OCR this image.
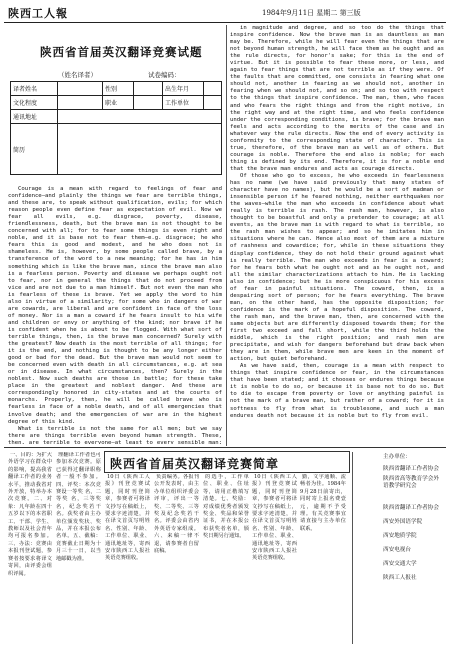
陕西工人報	1984年9月11日 星期二 第三版
陕西省首届英汉翻译竞赛试题
（姓名译者）	试卷编码：
译者姓名		性别		出生年月	
文化程度		职业		工作单位	
通讯地址					
简历					

Courage is a mean with regard to feelings of fear and confidence—and plainly the things we fear are terrible things, and these are, to speak without qualification, evils; for which reason people even define fear as expectation of evil. Now we fear all evils, e.g. disgrace, poverty, disease, friendlessness, death, but the brave man is not thought to be concerned with all; for to fear some things is even right and noble, and it is base not to fear them—e.g. disgrace; he who fears this is good and modest, and he who does not is shameless. He is, however, by some people called brave, by a transference of the word to a new meaning; for he has in him something which is like the brave man, since the brave man also is a fearless person. Poverty and disease we perhaps ought not to fear, nor in general the things that do not proceed from vice and are not due to a man himself. But not even the man who is fearless of these is brave. Yet we apply the word to him also in virtue of a similarity; for some who in dangers of war are cowards, are liberal and are confident in face of the loss of money. Nor is a man a coward if he fears insult to his wife and children or envy or anything of the kind; nor brave if he is confident when he is about to be flogged. With what sort of terrible things, then, is the brave man concerned? Surely with the greatest? Now death is the most terrible of all things; for it is the end, and nothing is thought to be any longer either good or bad for the dead. But the brave man would not seem to be concerned even with death in all circumstances, e.g. at sea or in disease. In what circumstances, then? Surely in the noblest. Now such deaths are those in battle; for these take place in the greatest and noblest danger. And these are correspondingly honored in city-states and at the courts of monarchs. Properly, then, he will be called brave who is fearless in face of a noble death, and of all emergencies that involve death; and the emergencies of war are in the highest degree of this kind.

What is terrible is not the same for all men; but we say there are things terrible even beyond human strength. These, then, are terrible to everyone—at least to every sensible man;

in magnitude and degree, and so too do the things that inspire confidence. Now the brave man is as dauntless as man may be. Therefore, while he will fear even the things that are not beyond human strength, he will face them as he ought and as the rule directs, for honor's sake; for this is the end of virtue. But it is possible to fear these more, or less, and again to fear things that are not terrible as if they were. Of the faults that are committed, one consists in fearing what one should not, another in fearing as we should not, another in fearing when we should not, and so on; and so too with respect to the things that inspire confidence. The man, then, who faces and who fears the right things and from the right motive, in the right way and at the right time, and who feels confidence under the corresponding conditions, is brave; for the brave man feels and acts according to the merits of the case and in whatever way the rule directs. Now the end of every activity is conformity to the corresponding state of character. This is true, therefore, of the brave man as well as of others. But courage is noble. Therefore the end also is noble; for each thing is defined by its end. Therefore, it is for a noble end that the brave man endures and acts as courage directs.

Of those who go to excess, he who exceeds in fearlessness has no name (we have said previously that many states of character have no names), but he would be a sort of madman or insensible person if he feared nothing, neither earthquakes nor the waves—while the man who exceeds in confidence about what really is terrible is rash. The rash man, however, is also thought to be boastful and only a pretender to courage; at all events, as the brave man is with regard to what is terrible, so the rash man wishes to appear; and so he imitates him in situations where he can. Hence also most of them are a mixture of rashness and cowardice; for, while in these situations they display confidence, they do not hold their ground against what is really terrible. The man who exceeds in fear is a coward; for he fears both what he ought not and as he ought not, and all the similar characterizations attach to him. He is lacking also in confidence; but he is more conspicuous for his excess of fear in painful situations. The coward, then, is a despairing sort of person; for he fears everything. The brave man, on the other hand, has the opposite disposition; for confidence is the mark of a hopeful disposition. The coward, the rash man, and the brave man, then, are concerned with the same objects but are differently disposed towards them; for the first two exceed and fall short, while the third holds the middle, which is the right position; and rash men are precipitate, and wish for dangers beforehand but draw back when they are in them, while brave men are keen in the moment of action, but quiet beforehand.

As we have said, then, courage is a mean with respect to things that inspire confidence or fear, in the circumstances that have been stated; and it chooses or endures things because it is noble to do so, or because it is base not to do so. But to die to escape from poverty or love or anything painful is not the mark of a brave man, but rather of a coward; for it is softness to fly from what is troublesome, and such a man endures death not because it is noble but to fly from evil.

陕西省首届英汉翻译竞赛简章

一、目的：为扩大外语学习在群众中的影响，提高我省翻译工作者的业务水平，推动我省对外开放，特举办本次竞赛。二、对象：凡年龄在四十五岁以下的本省职工、干部、学生、教师以及社会青年均可报名参加。三、办法：竞赛由本报刊登试题，参赛者按要求将译文寄回，由评委会组织评阅。

理翻译工作者也可参加本次竞赛。原已获得过翻译职称者一般不参加。四、评奖：本次竞赛设一等奖 名，二等奖 名，三等奖 名，纪念奖若干名。获奖者由主办单位颁发奖状、奖品，并在本报公布名单。五、截稿：竞赛截止日期为十月三十一日，以当地邮戳为准。

10日《陕西工人报》刊登竞赛试题，同时刊登简章，参赛者可将译文抄写在稿纸上，要求字迹清楚，并在译文首页写明姓名、性别、年龄、工作单位、职业、通讯地址等，寄西安市陕西工人报社英语竞赛组收。

负责编务。各报刊公开发表时，由主办单位组织评委会评审，评出一等奖、二等奖、三等奖及纪念奖若干名。评委会由省内外英语专家组成。六、来稿一律不退，请参赛者自留底稿。

的选手，工作单位、职业、住址等，请用正楷填写清楚。七、奖励：对成绩优秀者颁发奖金、奖品和荣誉证书，并在本报公布获奖者名单，颁奖日期另行通知。

勤，文字通顺、流畅者为佳。1984年9月28日前寄出，同时寄上报名费壹元，逾期不予受理。有关竞赛事宜请直接与主办单位联系。

10日《陕西工人报》刊登竞赛试题，同时刊登简章，参赛者可将译文抄写在稿纸上，要求字迹清楚，并在译文首页写明姓名、性别、年龄、工作单位、职业、通讯地址等，寄西安市陕西工人报社英语竞赛组收。

主办单位：
陕西省翻译工作者协会
陕西省高等教育学会外语教学研究会
陕西省翻译工作者协会
西安外国语学院
西安地质学院
西安电视台
西安交通大学
陕西工人报社
